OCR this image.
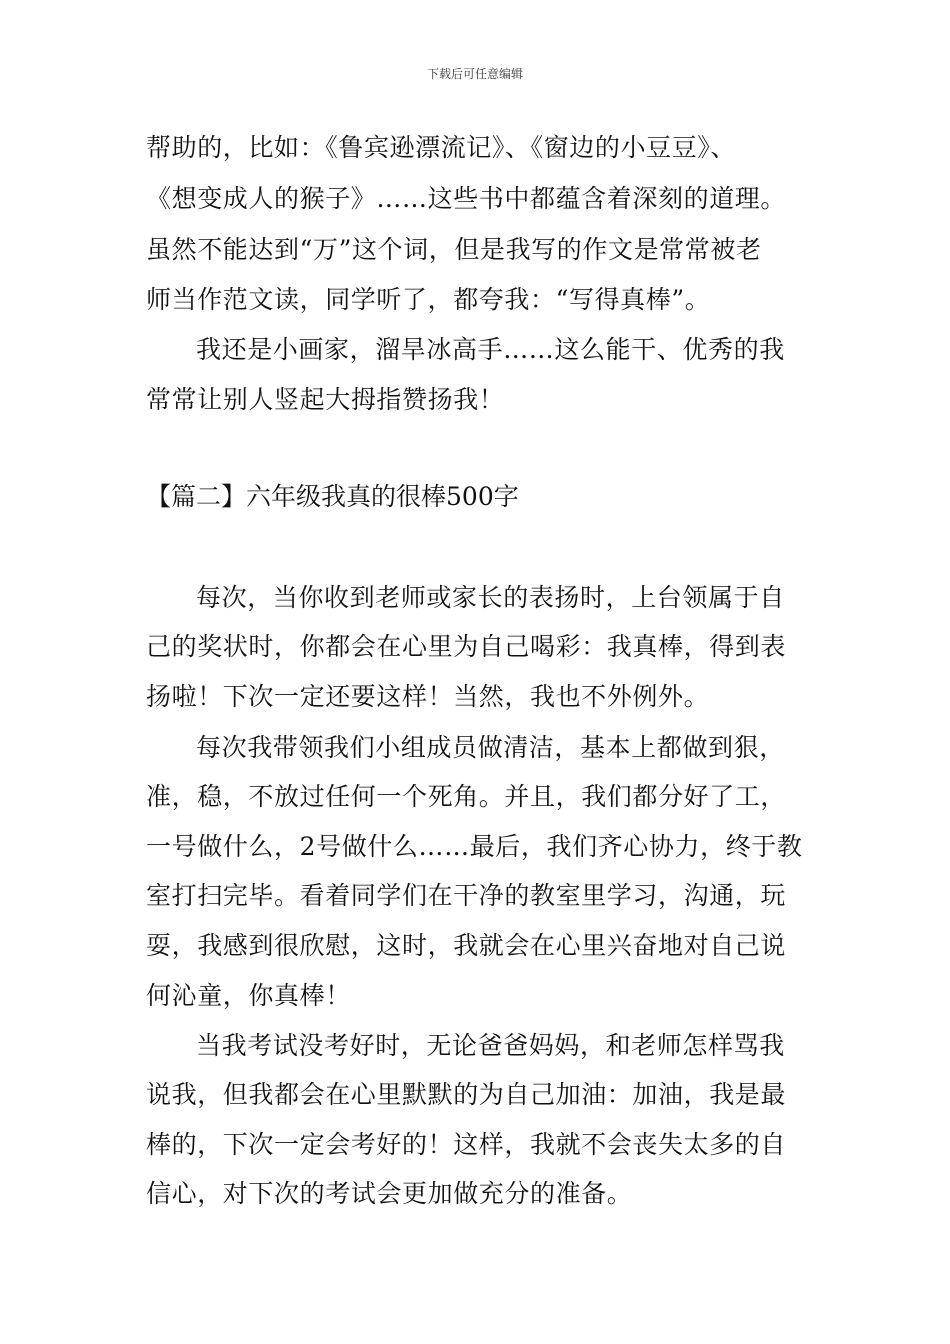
下载后可任意编辑
帮助的，比如：《鲁宾逊漂流记》、《窗边的小豆豆》、
《想变成人的猴子》……这些书中都蕴含着深刻的道理。
虽然不能达到“万”这个词，但是我写的作文是常常被老
师当作范文读，同学听了，都夸我：“写得真棒”。
我还是小画家，溜旱冰高手……这么能干、优秀的我
常常让别人竖起大拇指赞扬我！
【篇二】六年级我真的很棒500字
每次，当你收到老师或家长的表扬时，上台领属于自
己的奖状时，你都会在心里为自己喝彩：我真棒，得到表
扬啦！下次一定还要这样！当然，我也不外例外。
每次我带领我们小组成员做清洁，基本上都做到狠，
准，稳，不放过任何一个死角。并且，我们都分好了工，
一号做什么，2号做什么……最后，我们齐心协力，终于教
室打扫完毕。看着同学们在干净的教室里学习，沟通，玩
耍，我感到很欣慰，这时，我就会在心里兴奋地对自己说
何沁童，你真棒！
当我考试没考好时，无论爸爸妈妈，和老师怎样骂我
说我，但我都会在心里默默的为自己加油：加油，我是最
棒的，下次一定会考好的！这样，我就不会丧失太多的自
信心，对下次的考试会更加做充分的准备。
